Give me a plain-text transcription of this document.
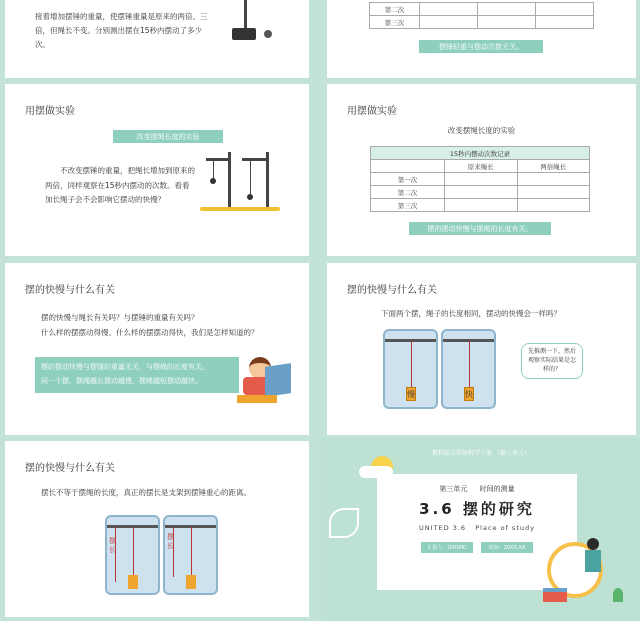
接着增加摆锤的重量，使摆锤重量是原来的两倍、三倍，但绳长不变。分别测出摆在15秒内摆动了多少次。
第二次			
第三次			
摆锤轻重与摆动次数无关。
用摆做实验
改变摆绳长度的实验
不改变摆锤的重量，把绳长增加到原来的两倍，同样观察在15秒内摆动的次数。看看加长绳子会不会影响它摆动的快慢？
用摆做实验
改变摆绳长度的实验
15秒内摆动次数记录		
	原来绳长	两倍绳长
第一次		
第二次		
第三次		
摆的摆动快慢与摆绳的长度有关。
摆的快慢与什么有关
摆的快慢与绳长有关吗？与摆锤的重量有关吗？
什么样的摆摆动得慢、什么样的摆摆动得快，我们是怎样知道的？
摆的摆动快慢与摆锤的重量无关，与摆绳的长度有关。
同一个摆，摆绳越长摆动越慢，摆绳越短摆动越快。
摆的快慢与什么有关
下面两个摆，绳子的长度相同，摆动的快慢会一样吗？
慢	快
先推测一下，然后观察实际结果是怎样的？
摆的快慢与什么有关
摆长不等于摆绳的长度，真正的摆长是支架到摆锤重心的距离。
摆长
摆长
教科版五年级科学下册 （第三单元）
第三单元 时间的测量
3.6 摆的研究
UNITED 3.6   Place of study
汇报人：OVOPIC	时间：20XX.XX
